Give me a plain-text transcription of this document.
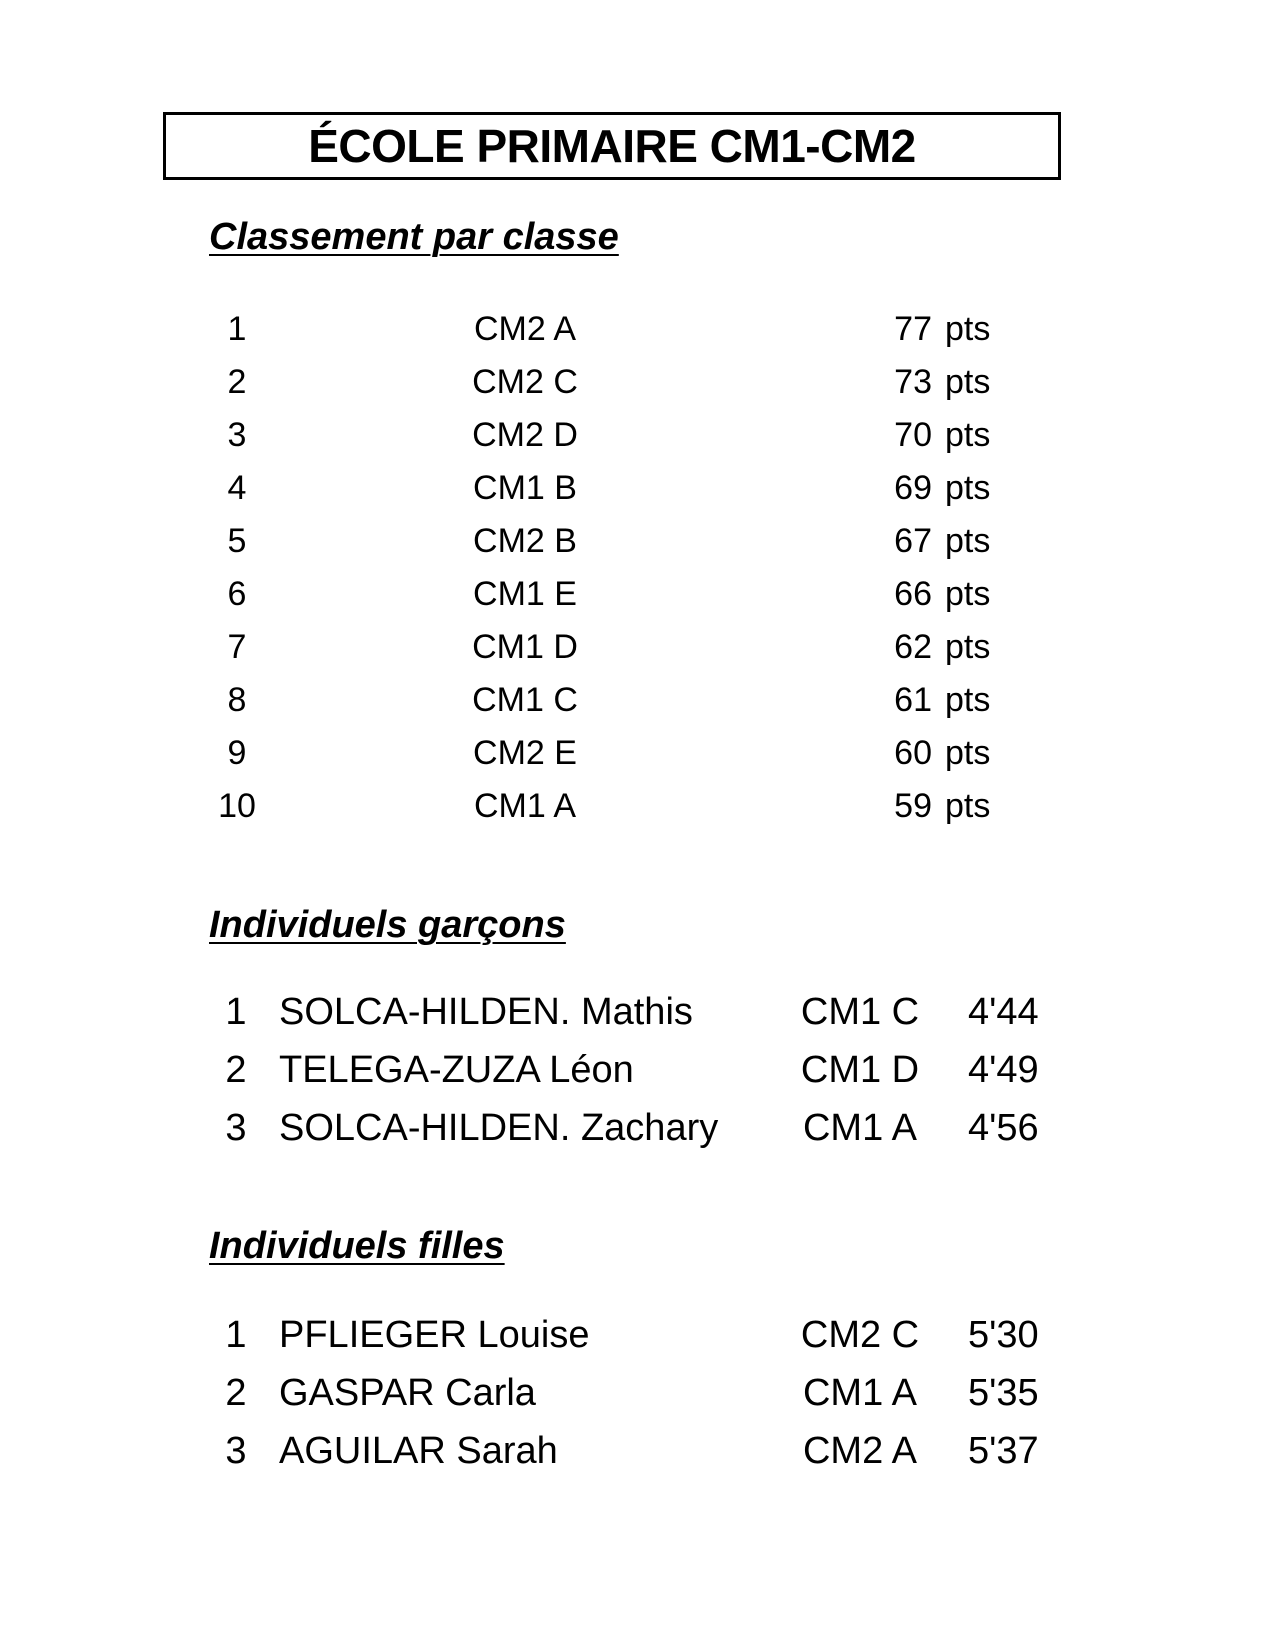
ÉCOLE PRIMAIRE CM1-CM2
Classement par classe
1	CM2 A	77 pts
2	CM2 C	73 pts
3	CM2 D	70 pts
4	CM1 B	69 pts
5	CM2 B	67 pts
6	CM1 E	66 pts
7	CM1 D	62 pts
8	CM1 C	61 pts
9	CM2 E	60 pts
10	CM1 A	59 pts
Individuels garçons
1 SOLCA-HILDEN. Mathis	CM1 C 4'44
2 TELEGA-ZUZA Léon	CM1 D 4'49
3 SOLCA-HILDEN. Zachary	CM1 A	4'56
Individuels filles
1 PFLIEGER Louise	CM2 C 5'30
2 GASPAR Carla	CM1 A	5'35
3 AGUILAR Sarah	CM2 A	5'37
